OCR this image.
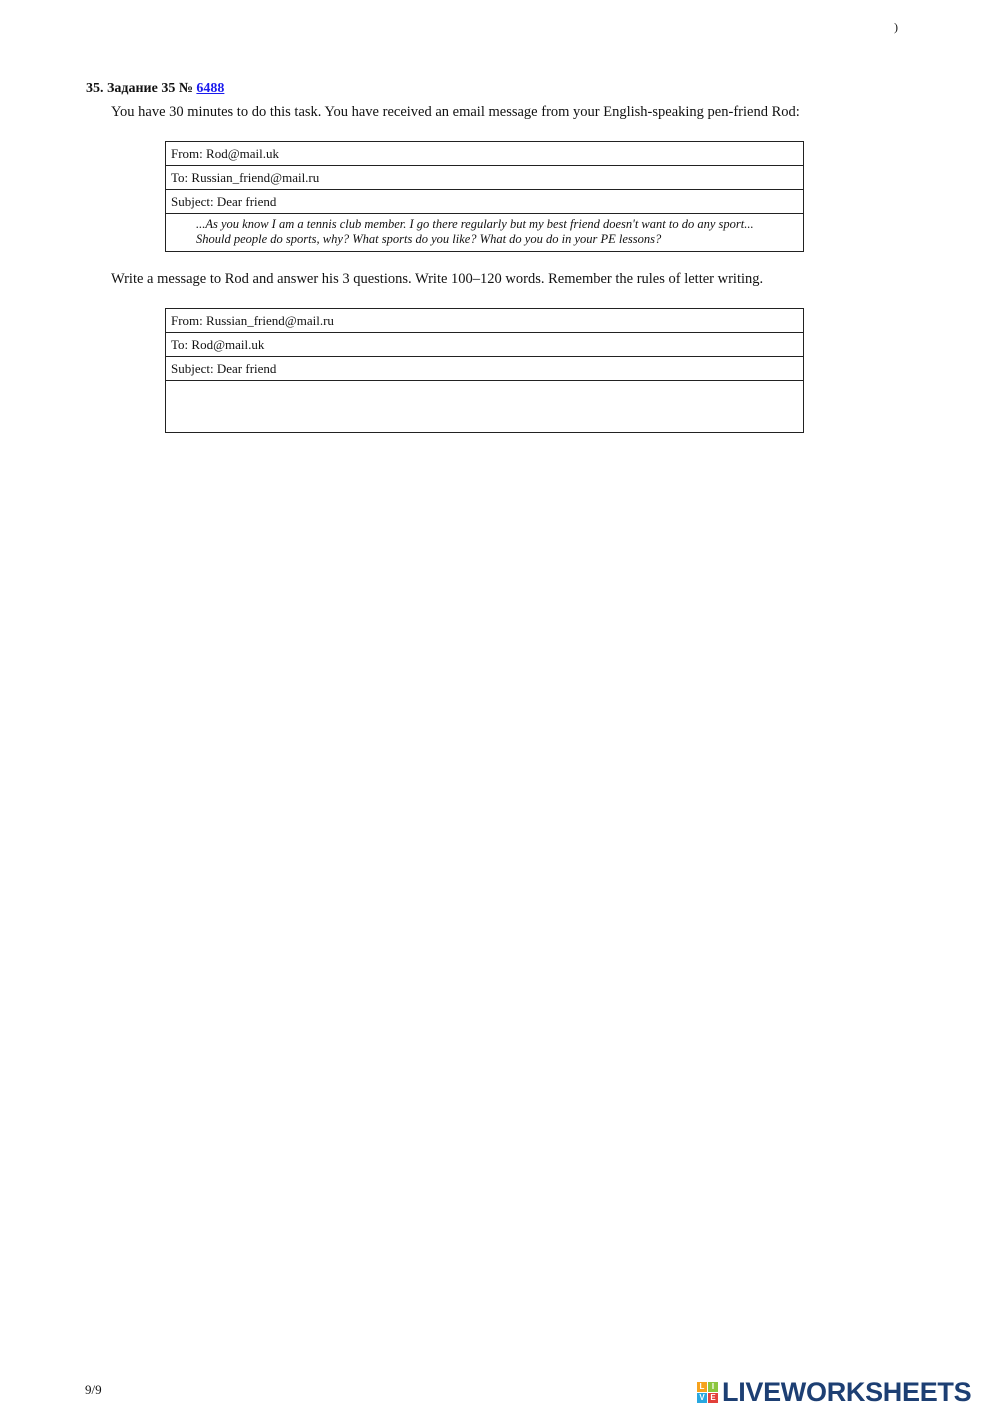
)
35. Задание 35 № 6488
You have 30 minutes to do this task. You have received an email message from your English-speaking pen-friend Rod:
From: Rod@mail.uk
To: Russian_friend@mail.ru
Subject: Dear friend

...As you know I am a tennis club member. I go there regularly but my best friend doesn't want to do any sport...
Should people do sports, why? What sports do you like? What do you do in your PE lessons?
Write a message to Rod and answer his 3 questions. Write 100–120 words. Remember the rules of letter writing.
From: Russian_friend@mail.ru
To: Rod@mail.uk
Subject: Dear friend

9/9	L I
V E LIVEWORKSHEETS
